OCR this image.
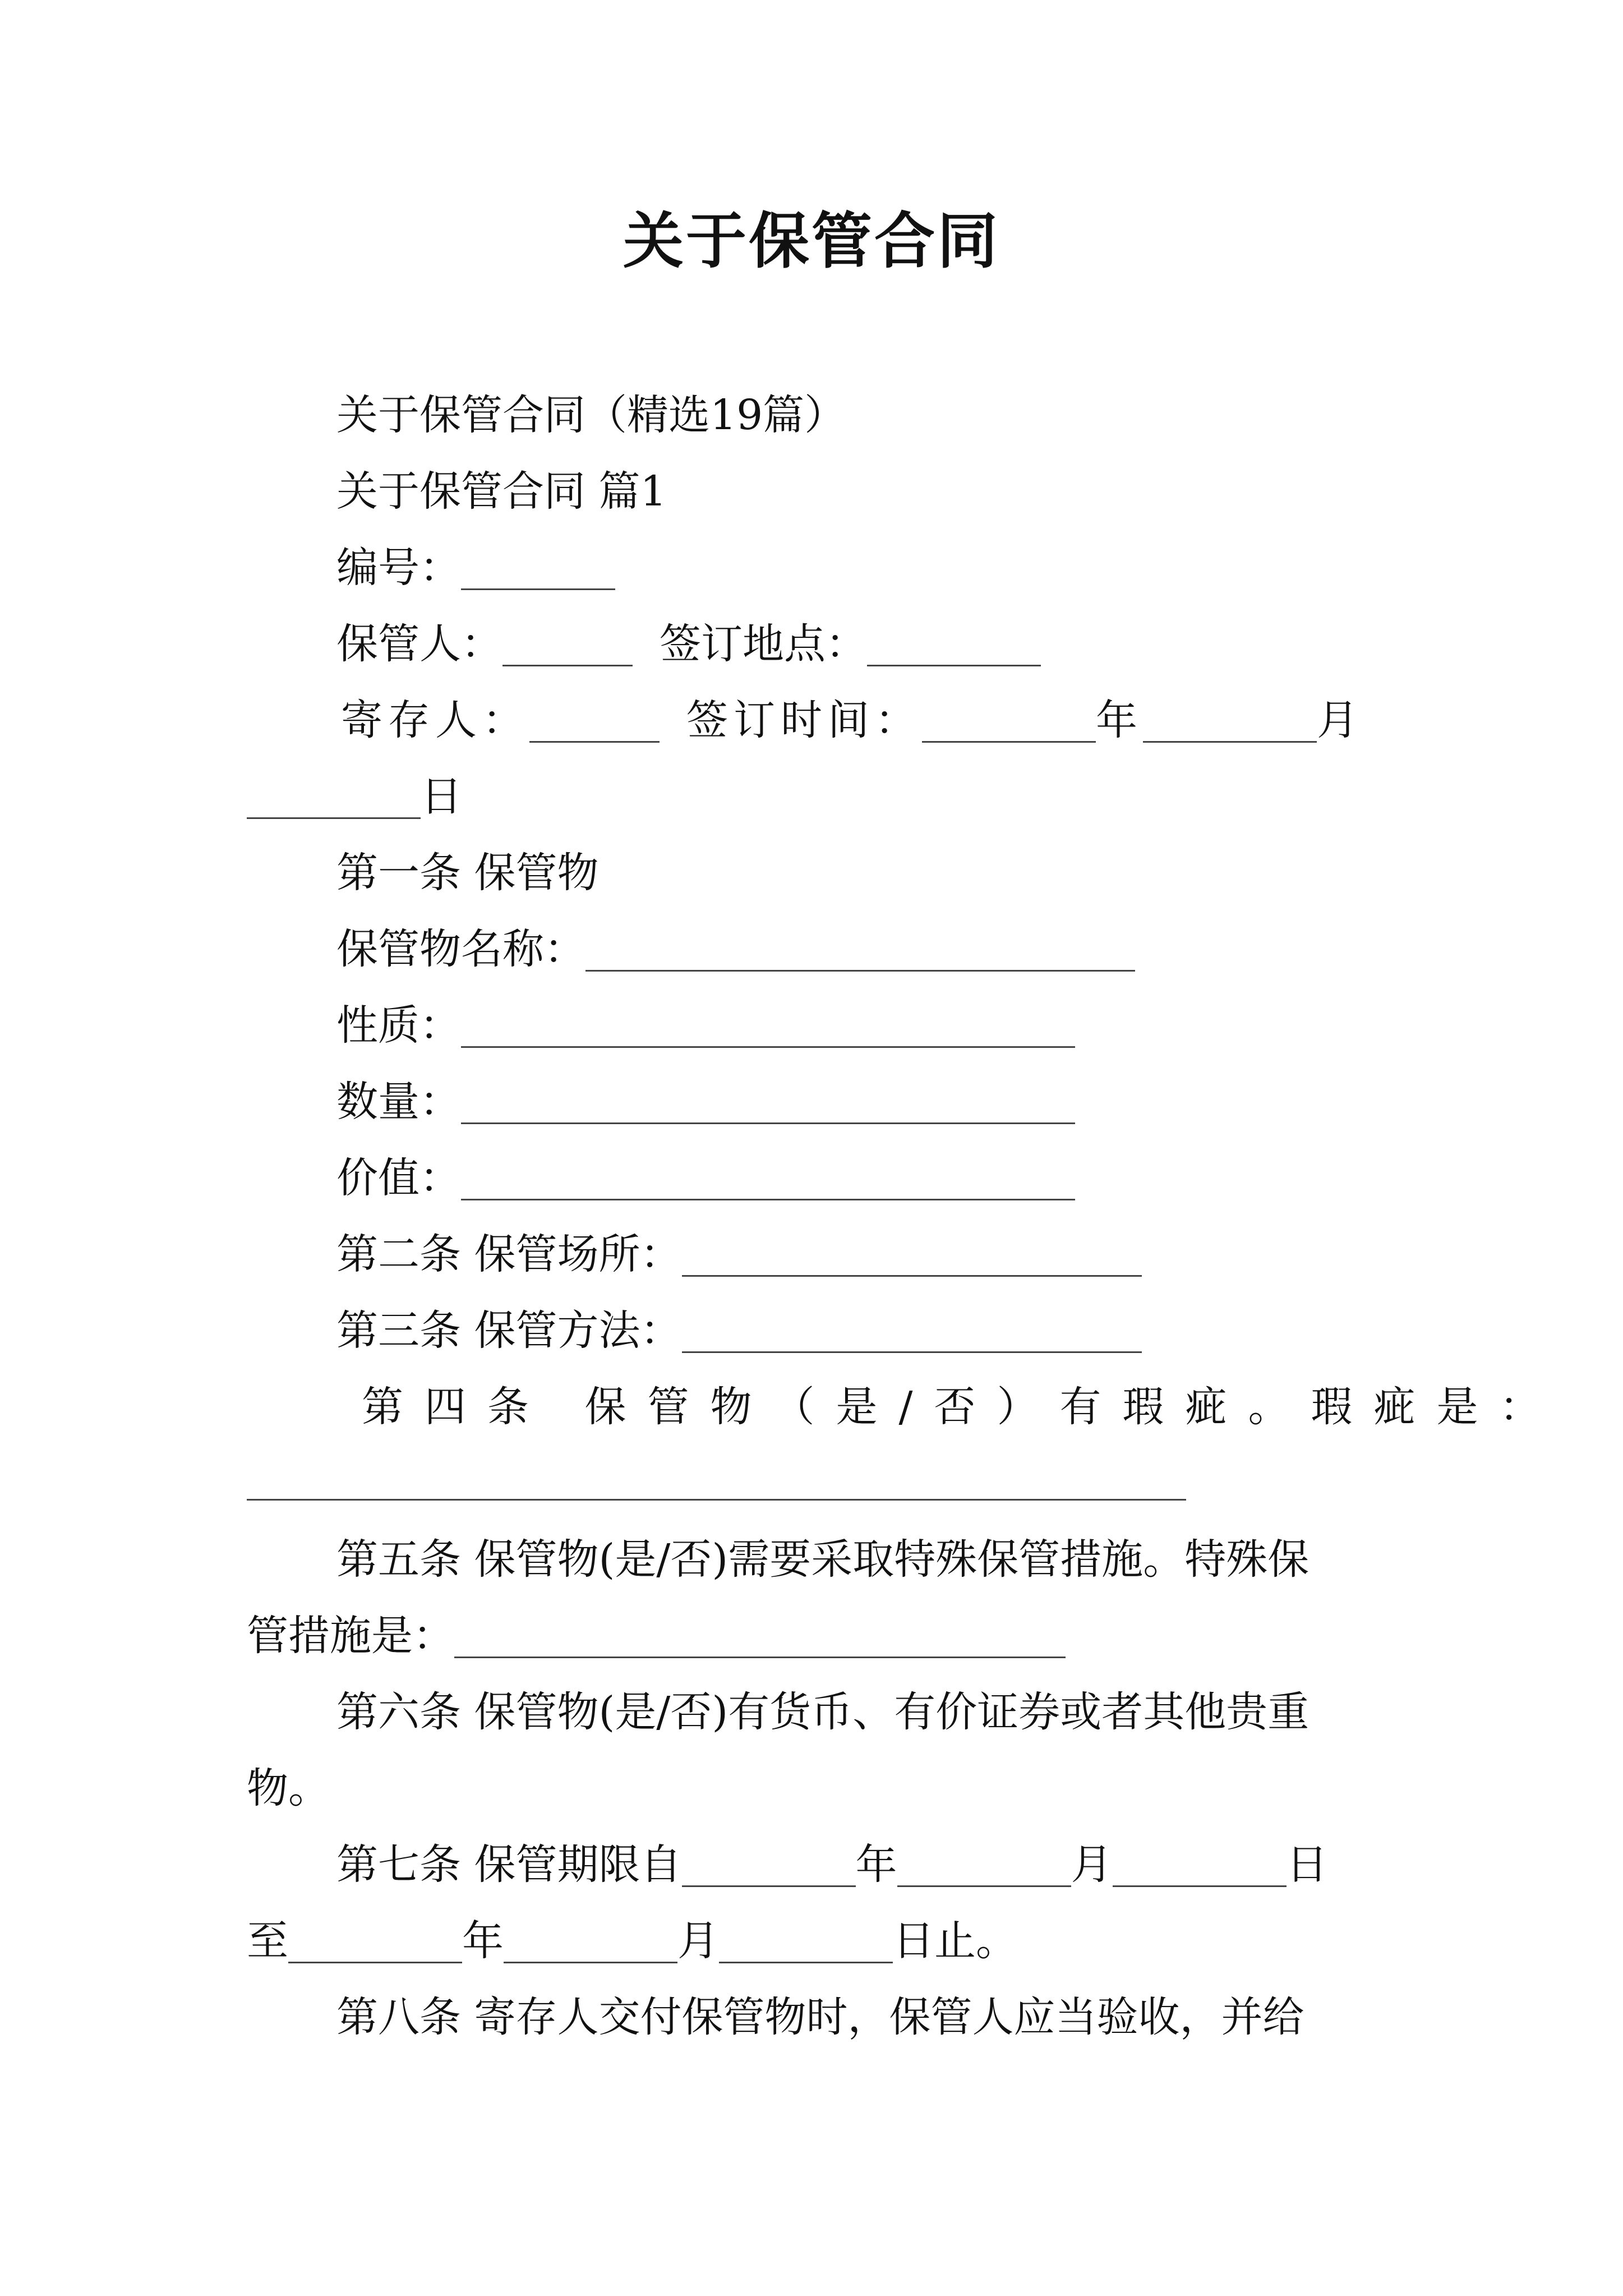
关于保管合同
关于保管合同（精选19篇）
关于保管合同 篇1
编号：
保管人：	签订地点：
寄存人：	签订时间：	年	月
日
第一条 保管物
保管物名称：
性质：
数量：
价值：
第二条 保管场所：
第三条 保管方法：
第四条 保管物（是/否）有瑕疵。瑕疵是：
第五条 保管物(是/否)需要采取特殊保管措施。特殊保
管措施是：
第六条 保管物(是/否)有货币、有价证券或者其他贵重
物。
第七条 保管期限自	年	月	日
至	年	月	日止。
第八条 寄存人交付保管物时，保管人应当验收，并给
